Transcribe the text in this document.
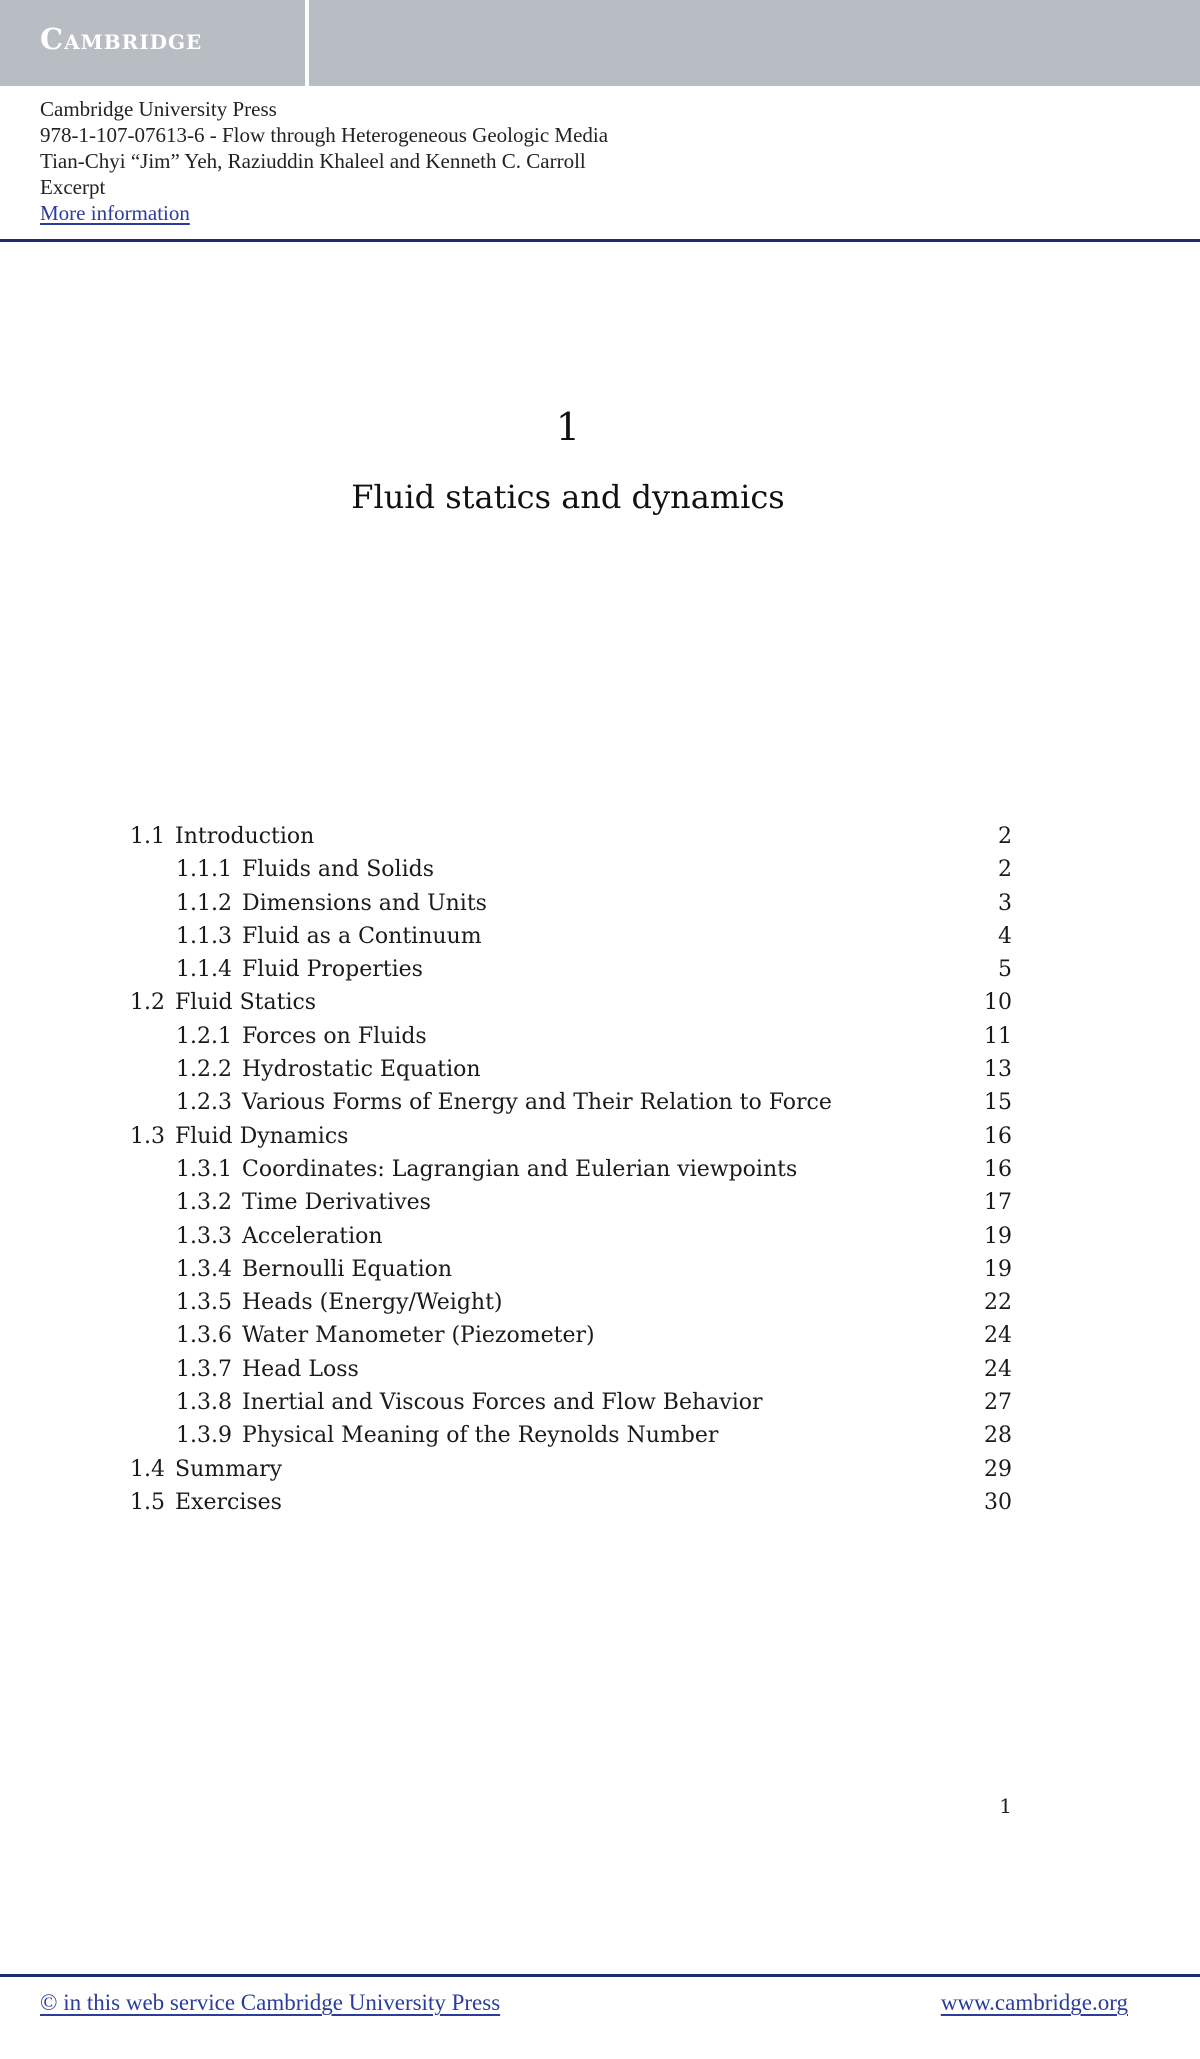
Cambridge
Cambridge University Press
978-1-107-07613-6 - Flow through Heterogeneous Geologic Media
Tian-Chyi “Jim” Yeh, Raziuddin Khaleel and Kenneth C. Carroll
Excerpt
More information
1
Fluid statics and dynamics
1.1 Introduction	2
1.1.1 Fluids and Solids	2
1.1.2 Dimensions and Units	3
1.1.3 Fluid as a Continuum	4
1.1.4 Fluid Properties	5
1.2 Fluid Statics	10
1.2.1 Forces on Fluids	11
1.2.2 Hydrostatic Equation	13
1.2.3 Various Forms of Energy and Their Relation to Force	15
1.3 Fluid Dynamics	16
1.3.1 Coordinates: Lagrangian and Eulerian viewpoints	16
1.3.2 Time Derivatives	17
1.3.3 Acceleration	19
1.3.4 Bernoulli Equation	19
1.3.5 Heads (Energy/Weight)	22
1.3.6 Water Manometer (Piezometer)	24
1.3.7 Head Loss	24
1.3.8 Inertial and Viscous Forces and Flow Behavior	27
1.3.9 Physical Meaning of the Reynolds Number	28
1.4 Summary	29
1.5 Exercises	30
1
© in this web service Cambridge University Press	www.cambridge.org
